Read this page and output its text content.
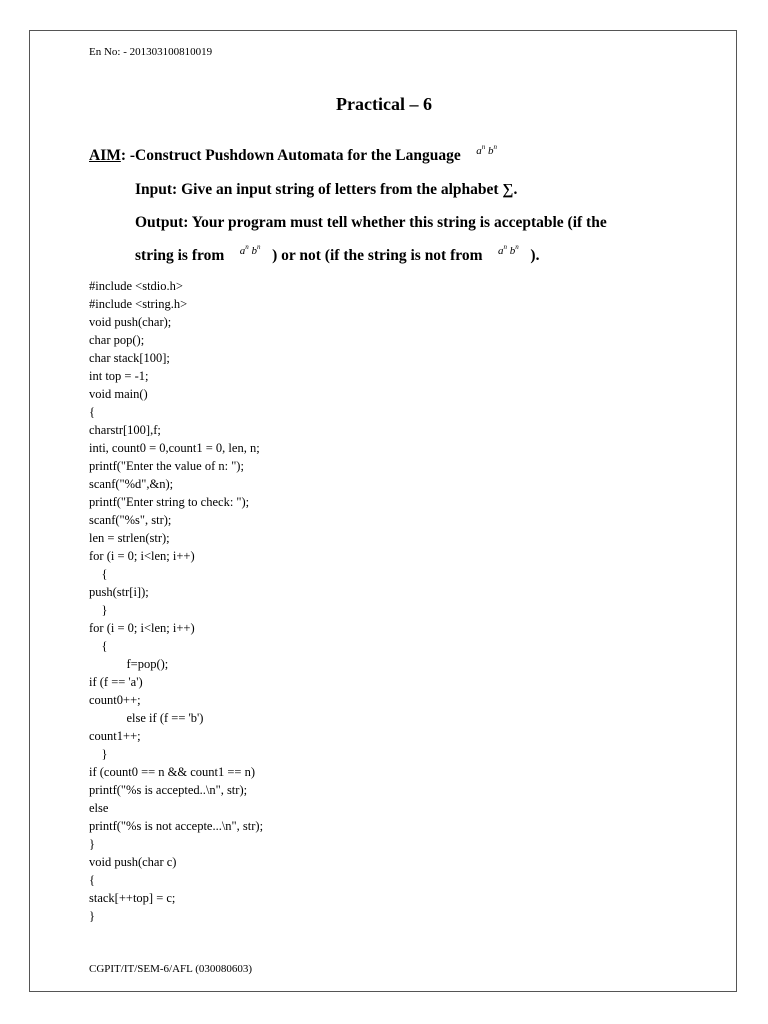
En No: - 201303100810019
Practical – 6
AIM: -Construct Pushdown Automata for the Language $a^n$ $b^n$
Input: Give an input string of letters from the alphabet ∑.
Output: Your program must tell whether this string is acceptable (if the
string is from $a^n$ $b^n$ ) or not (if the string is not from $a^n$ $b^n$ ).
#include <stdio.h>
#include <string.h>
void push(char);
char pop();
char stack[100];
int top = -1;
void main()
{
charstr[100],f;
inti, count0 = 0,count1 = 0, len, n;
printf("Enter the value of n: ");
scanf("%d",&n);
printf("Enter string to check: ");
scanf("%s", str);
len = strlen(str);
for (i = 0; i<len; i++)
{
push(str[i]);
}
for (i = 0; i<len; i++)
{
f=pop();
if (f == 'a')
count0++;
else if (f == 'b')
count1++;
}
if (count0 == n && count1 == n)
printf("%s is accepted..\n", str);
else
printf("%s is not accepte...\n", str);
}
void push(char c)
{
stack[++top] = c;
}
CGPIT/IT/SEM-6/AFL (030080603)
